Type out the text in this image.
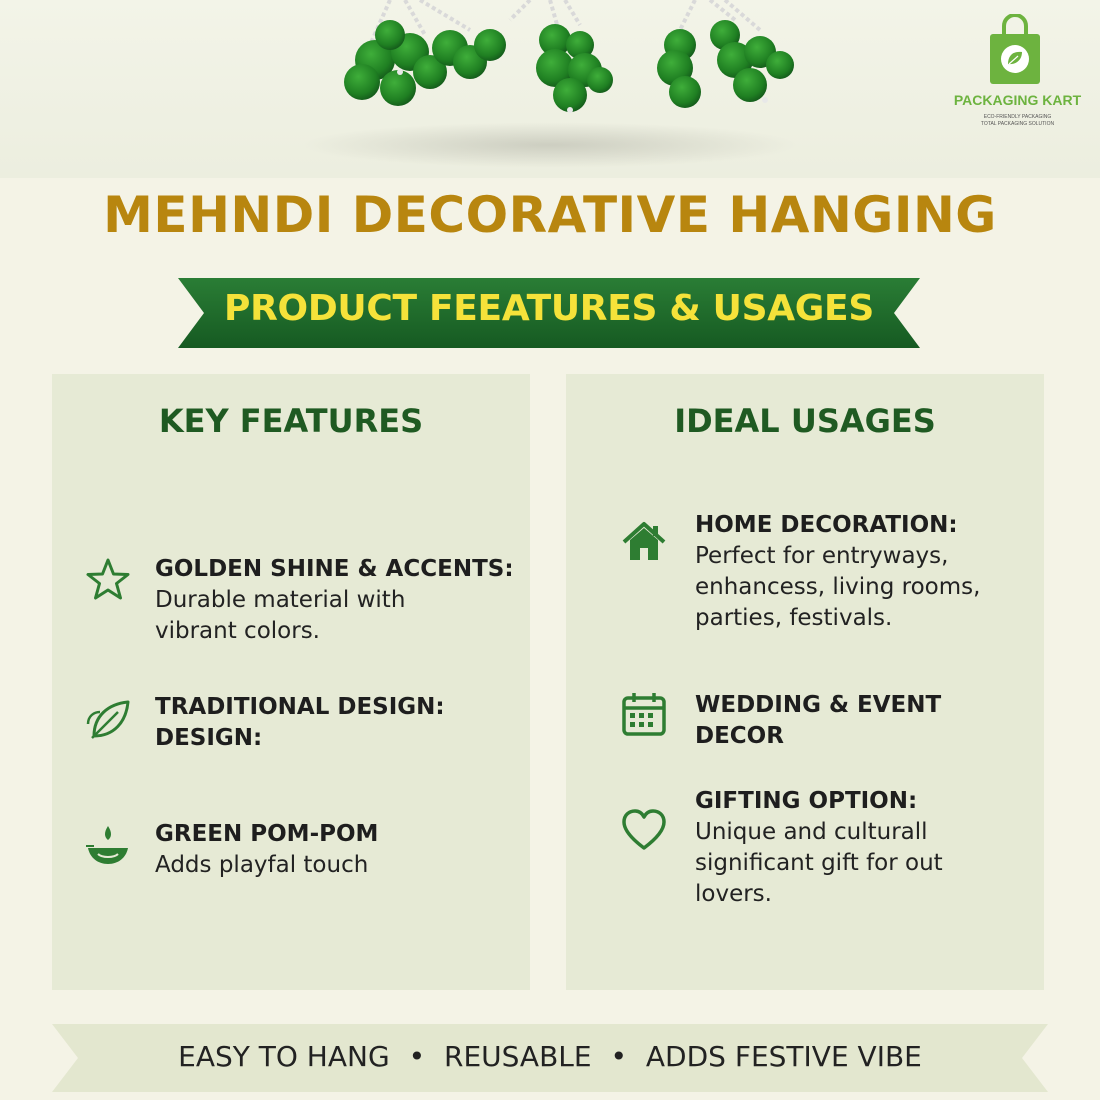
PACKAGING KART
ECO-FRIENDLY PACKAGING
TOTAL PACKAGING SOLUTION
MEHNDI DECORATIVE HANGING
PRODUCT FEEATURES & USAGES
KEY FEATURES
GOLDEN SHINE & ACCENTS:
Durable material with
vibrant colors.
TRADITIONAL DESIGN:
DESIGN:
GREEN POM-POM
Adds playfal touch
IDEAL USAGES
HOME DECORATION:
Perfect for entryways,
enhancess, living rooms,
parties, festivals.
WEDDING & EVENT
DECOR
GIFTING OPTION:
Unique and culturall
significant gift for out
lovers.
EASY TO HANG • REUSABLE • ADDS FESTIVE VIBE
